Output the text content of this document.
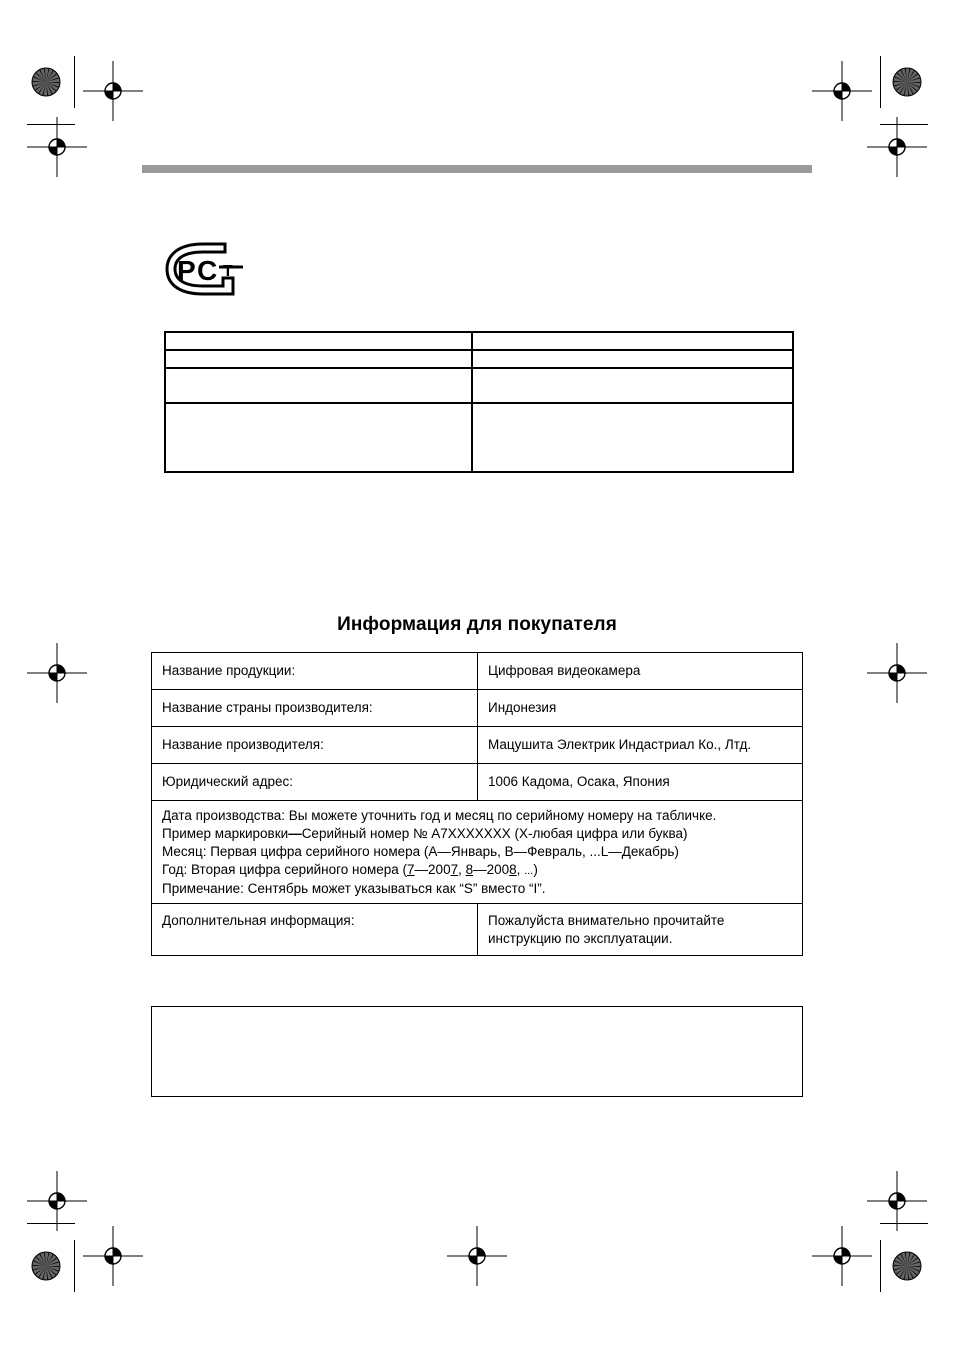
P C T

Информация для покупателя
Название продукции:	Цифровая видеокамера
Название страны производителя:	Индонезия
Название производителя:	Мацушита Электрик Индастриал Ко., Лтд.
Юридический адрес:	1006 Кадома, Осака, Япония

Дата производства: Вы можете уточнить год и месяц по серийному номеру на табличке.
Пример маркировки—Серийный номер № A7XXXXXXX (X-любая цифра или буква)
Месяц: Первая цифра серийного номера (A—Январь, B—Февраль, ...L—Декабрь)
Год: Вторая цифра серийного номера (7—2007, 8—2008, ...)
Примечание: Сентябрь может указываться как “S” вместо “I”.	

Дополнительная информация:	Пожалуйста внимательно прочитайте
инструкцию по эксплуатации.
